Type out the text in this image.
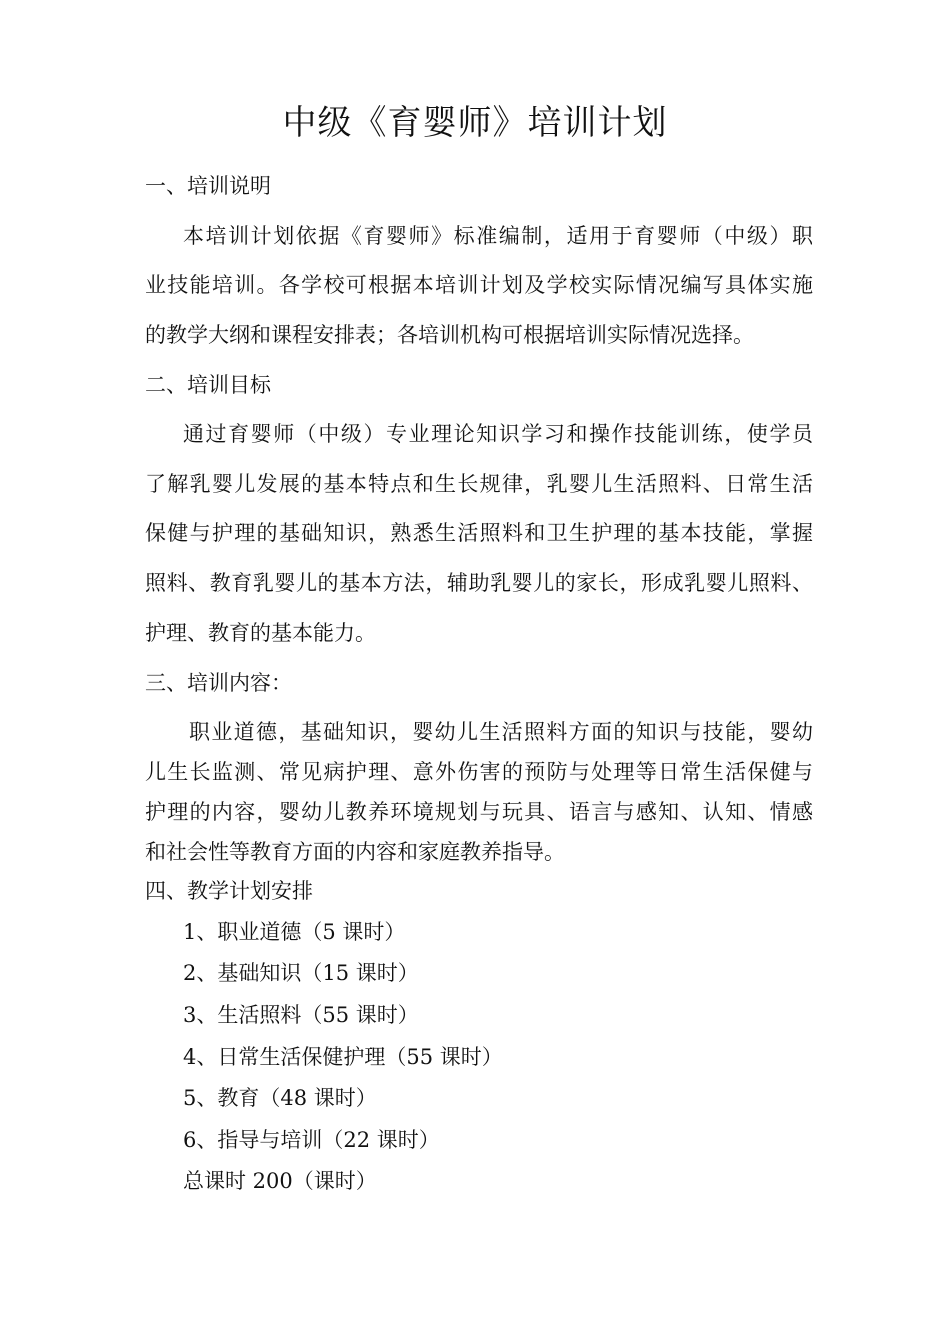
中级《育婴师》培训计划
一、培训说明
本培训计划依据《育婴师》标准编制，适用于育婴师（中级）职
业技能培训。各学校可根据本培训计划及学校实际情况编写具体实施
的教学大纲和课程安排表；各培训机构可根据培训实际情况选择。
二、培训目标
通过育婴师（中级）专业理论知识学习和操作技能训练，使学员
了解乳婴儿发展的基本特点和生长规律，乳婴儿生活照料、日常生活
保健与护理的基础知识，熟悉生活照料和卫生护理的基本技能，掌握
照料、教育乳婴儿的基本方法，辅助乳婴儿的家长，形成乳婴儿照料、
护理、教育的基本能力。
三、培训内容：
职业道德，基础知识，婴幼儿生活照料方面的知识与技能，婴幼
儿生长监测、常见病护理、意外伤害的预防与处理等日常生活保健与
护理的内容，婴幼儿教养环境规划与玩具、语言与感知、认知、情感
和社会性等教育方面的内容和家庭教养指导。
四、教学计划安排
1、职业道德（5 课时）
2、基础知识（15 课时）
3、生活照料（55 课时）
4、日常生活保健护理（55 课时）
5、教育（48 课时）
6、指导与培训（22 课时）
总课时 200（课时）
